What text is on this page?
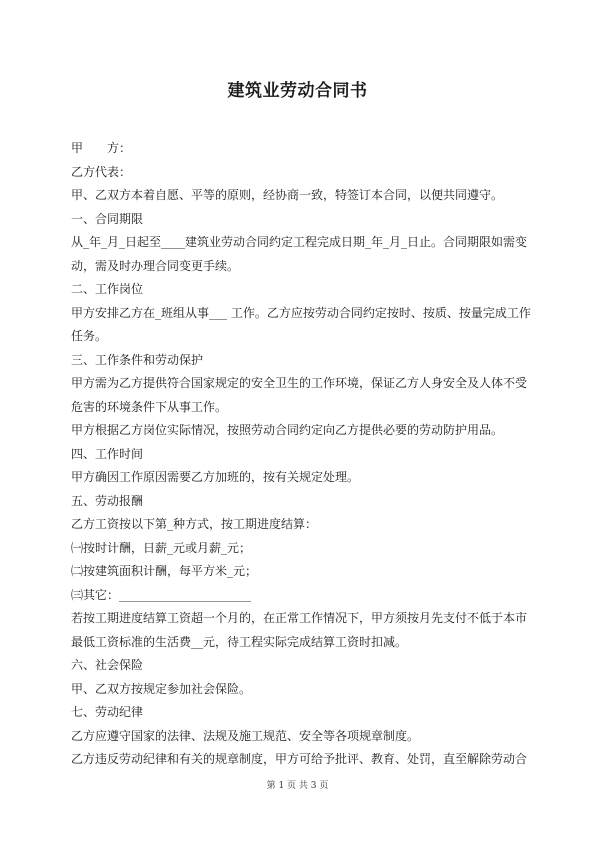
建筑业劳动合同书

甲　　方：

乙方代表：

甲、乙双方本着自愿、平等的原则，经协商一致，特签订本合同，以便共同遵守。

一、合同期限

从_年_月_日起至____建筑业劳动合同约定工程完成日期_年_月_日止。合同期限如需变动，需及时办理合同变更手续。

二、工作岗位

甲方安排乙方在_班组从事___ 工作。乙方应按劳动合同约定按时、按质、按量完成工作任务。

三、工作条件和劳动保护

甲方需为乙方提供符合国家规定的安全卫生的工作环境，保证乙方人身安全及人体不受危害的环境条件下从事工作。

甲方根据乙方岗位实际情况，按照劳动合同约定向乙方提供必要的劳动防护用品。

四、工作时间

甲方确因工作原因需要乙方加班的，按有关规定处理。

五、劳动报酬

乙方工资按以下第_种方式，按工期进度结算：

㈠按时计酬，日薪_元或月薪_元；

㈡按建筑面积计酬，每平方米_元；

㈢其它：______________________

若按工期进度结算工资超一个月的，在正常工作情况下，甲方须按月先支付不低于本市最低工资标准的生活费__元，待工程实际完成结算工资时扣减。

六、社会保险

甲、乙双方按规定参加社会保险。

七、劳动纪律

乙方应遵守国家的法律、法规及施工规范、安全等各项规章制度。

乙方违反劳动纪律和有关的规章制度，甲方可给予批评、教育、处罚，直至解除劳动合

第 1 页 共 3 页
